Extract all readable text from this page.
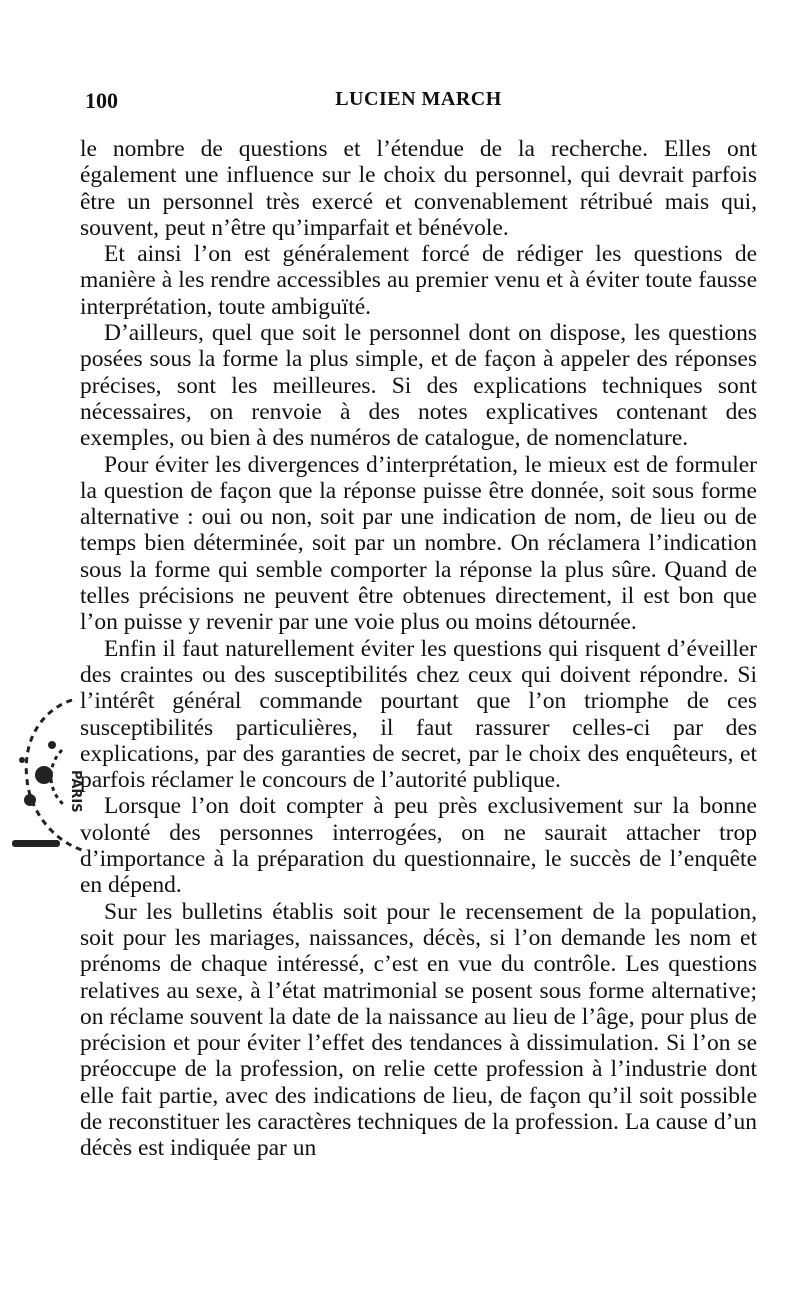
100	LUCIEN MARCH

le nombre de questions et l’étendue de la recherche. Elles ont également une influence sur le choix du personnel, qui devrait parfois être un personnel très exercé et convenablement rétribué mais qui, souvent, peut n’être qu’imparfait et bénévole.

Et ainsi l’on est généralement forcé de rédiger les questions de manière à les rendre accessibles au premier venu et à éviter toute fausse interprétation, toute ambiguïté.

D’ailleurs, quel que soit le personnel dont on dispose, les questions posées sous la forme la plus simple, et de façon à appeler des réponses précises, sont les meilleures. Si des explications techniques sont nécessaires, on renvoie à des notes explicatives contenant des exemples, ou bien à des numéros de catalogue, de nomenclature.

Pour éviter les divergences d’interprétation, le mieux est de formuler la question de façon que la réponse puisse être donnée, soit sous forme alternative : oui ou non, soit par une indication de nom, de lieu ou de temps bien déterminée, soit par un nombre. On réclamera l’indication sous la forme qui semble comporter la réponse la plus sûre. Quand de telles précisions ne peuvent être obtenues directement, il est bon que l’on puisse y revenir par une voie plus ou moins détournée.

Enfin il faut naturellement éviter les questions qui risquent d’éveiller des craintes ou des susceptibilités chez ceux qui doivent répondre. Si l’intérêt général commande pourtant que l’on triomphe de ces susceptibilités particulières, il faut rassurer celles-ci par des explications, par des garanties de secret, par le choix des enquêteurs, et parfois réclamer le concours de l’autorité publique.

Lorsque l’on doit compter à peu près exclusivement sur la bonne volonté des personnes interrogées, on ne saurait attacher trop d’importance à la préparation du questionnaire, le succès de l’enquête en dépend.

Sur les bulletins établis soit pour le recensement de la population, soit pour les mariages, naissances, décès, si l’on demande les nom et prénoms de chaque intéressé, c’est en vue du contrôle. Les questions relatives au sexe, à l’état matrimonial se posent sous forme alternative; on réclame souvent la date de la naissance au lieu de l’âge, pour plus de précision et pour éviter l’effet des tendances à dissimulation. Si l’on se préoccupe de la profession, on relie cette profession à l’industrie dont elle fait partie, avec des indications de lieu, de façon qu’il soit possible de reconstituer les caractères techniques de la profession. La cause d’un décès est indiquée par un

PARIS
